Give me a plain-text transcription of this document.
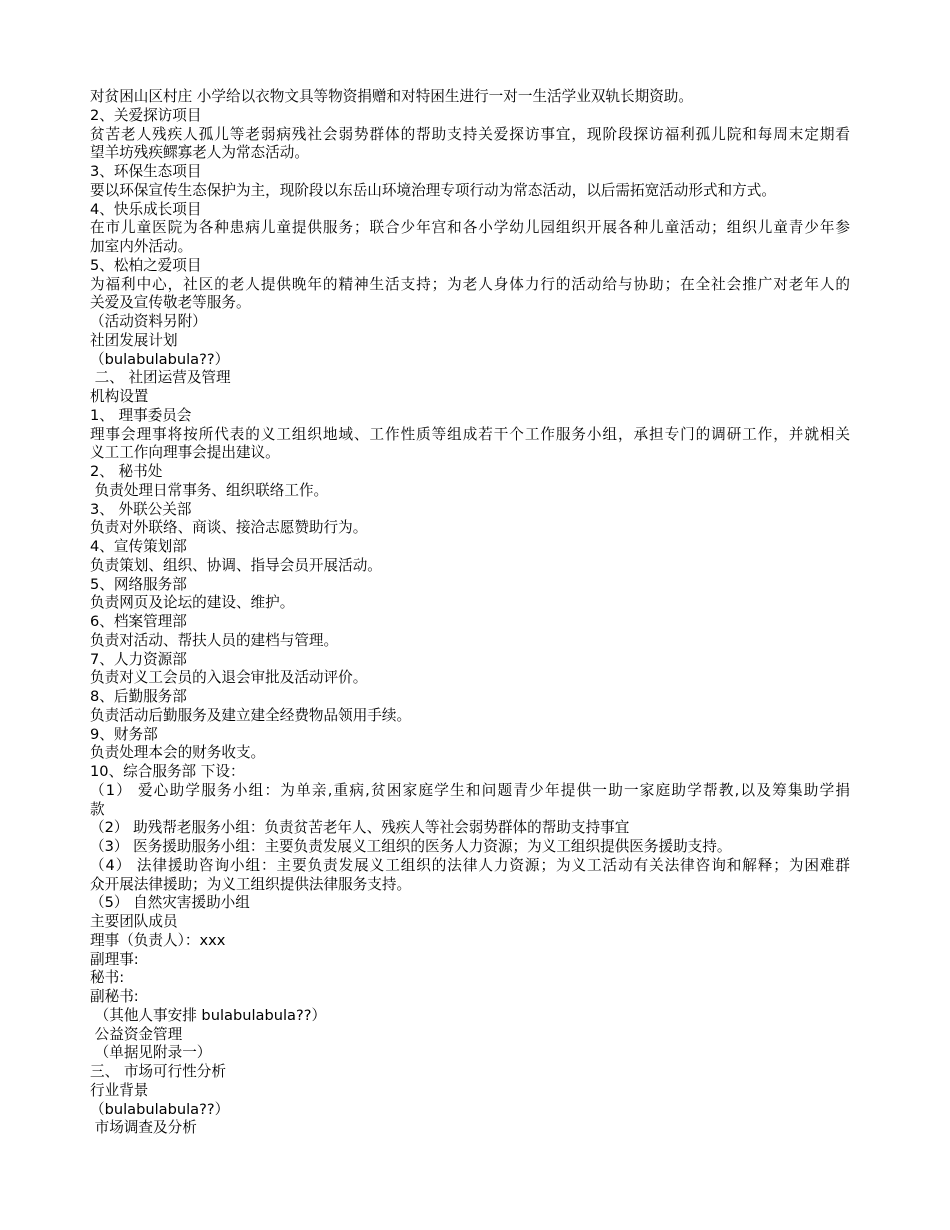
对贫困山区村庄 小学给以衣物文具等物资捐赠和对特困生进行一对一生活学业双轨长期资助。
2、关爱探访项目
贫苦老人残疾人孤儿等老弱病残社会弱势群体的帮助支持关爱探访事宜，现阶段探访福利孤儿院和每周末定期看
望羊坊残疾鳏寡老人为常态活动。
3、环保生态项目
要以环保宣传生态保护为主，现阶段以东岳山环境治理专项行动为常态活动，以后需拓宽活动形式和方式。
4、快乐成长项目
在市儿童医院为各种患病儿童提供服务；联合少年宫和各小学幼儿园组织开展各种儿童活动；组织儿童青少年参
加室内外活动。
5、松柏之爱项目
为福利中心，社区的老人提供晚年的精神生活支持；为老人身体力行的活动给与协助；在全社会推广对老年人的
关爱及宣传敬老等服务。
（活动资料另附）
社团发展计划
（bulabulabula??）
二、 社团运营及管理
机构设置
1、 理事委员会
理事会理事将按所代表的义工组织地域、工作性质等组成若干个工作服务小组，承担专门的调研工作，并就相关
义工工作向理事会提出建议。
2、 秘书处
负责处理日常事务、组织联络工作。
3、 外联公关部
负责对外联络、商谈、接洽志愿赞助行为。
4、宣传策划部
负责策划、组织、协调、指导会员开展活动。
5、网络服务部
负责网页及论坛的建设、维护。
6、档案管理部
负责对活动、帮扶人员的建档与管理。
7、人力资源部
负责对义工会员的入退会审批及活动评价。
8、后勤服务部
负责活动后勤服务及建立建全经费物品领用手续。
9、财务部
负责处理本会的财务收支。
10、综合服务部 下设：
（1） 爱心助学服务小组：为单亲,重病,贫困家庭学生和问题青少年提供一助一家庭助学帮教,以及筹集助学捐
款
（2） 助残帮老服务小组：负责贫苦老年人、残疾人等社会弱势群体的帮助支持事宜
（3） 医务援助服务小组：主要负责发展义工组织的医务人力资源；为义工组织提供医务援助支持。
（4） 法律援助咨询小组：主要负责发展义工组织的法律人力资源；为义工活动有关法律咨询和解释；为困难群
众开展法律援助；为义工组织提供法律服务支持。
（5） 自然灾害援助小组
主要团队成员
理事（负责人）：xxx
副理事:
秘书:
副秘书:
（其他人事安排 bulabulabula??）
公益资金管理
（单据见附录一）
三、 市场可行性分析
行业背景
（bulabulabula??）
市场调查及分析
